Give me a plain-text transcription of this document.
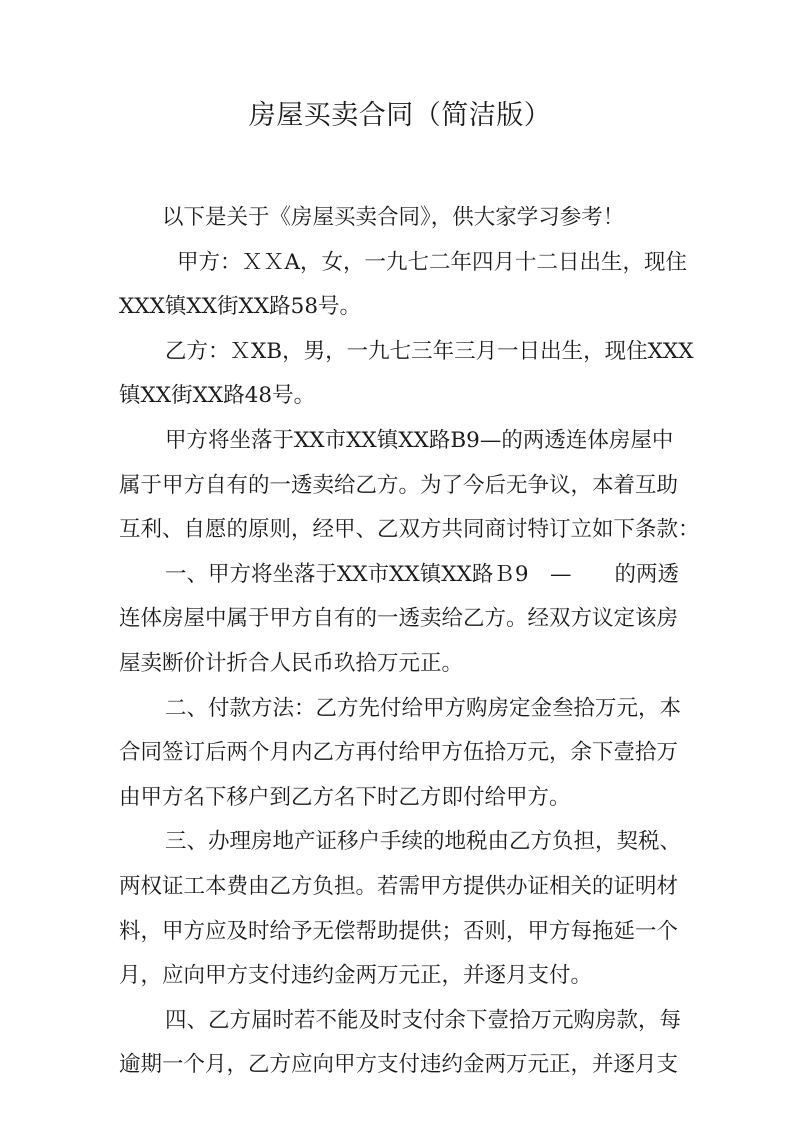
房屋买卖合同（简洁版）
以下是关于《房屋买卖合同》，供大家学习参考！
甲方：ＸＸA，女，一九七二年四月十二日出生，现住
XXX镇XX街XX路58号。
乙方：ＸXB，男，一九七三年三月一日出生，现住XXX
镇XX街XX路48号。
甲方将坐落于XX市XX镇XX路B9—的两透连体房屋中
属于甲方自有的一透卖给乙方。为了今后无争议，本着互助
互利、自愿的原则，经甲、乙双方共同商讨特订立如下条款：
一、甲方将坐落于XX市XX镇XX路Ｂ9　—　　的两透
连体房屋中属于甲方自有的一透卖给乙方。经双方议定该房
屋卖断价计折合人民币玖拾万元正。
二、付款方法：乙方先付给甲方购房定金叁拾万元，本
合同签订后两个月内乙方再付给甲方伍拾万元，余下壹拾万
由甲方名下移户到乙方名下时乙方即付给甲方。
三、办理房地产证移户手续的地税由乙方负担，契税、
两权证工本费由乙方负担。若需甲方提供办证相关的证明材
料，甲方应及时给予无偿帮助提供；否则，甲方每拖延一个
月，应向甲方支付违约金两万元正，并逐月支付。
四、乙方届时若不能及时支付余下壹拾万元购房款，每
逾期一个月，乙方应向甲方支付违约金两万元正，并逐月支
